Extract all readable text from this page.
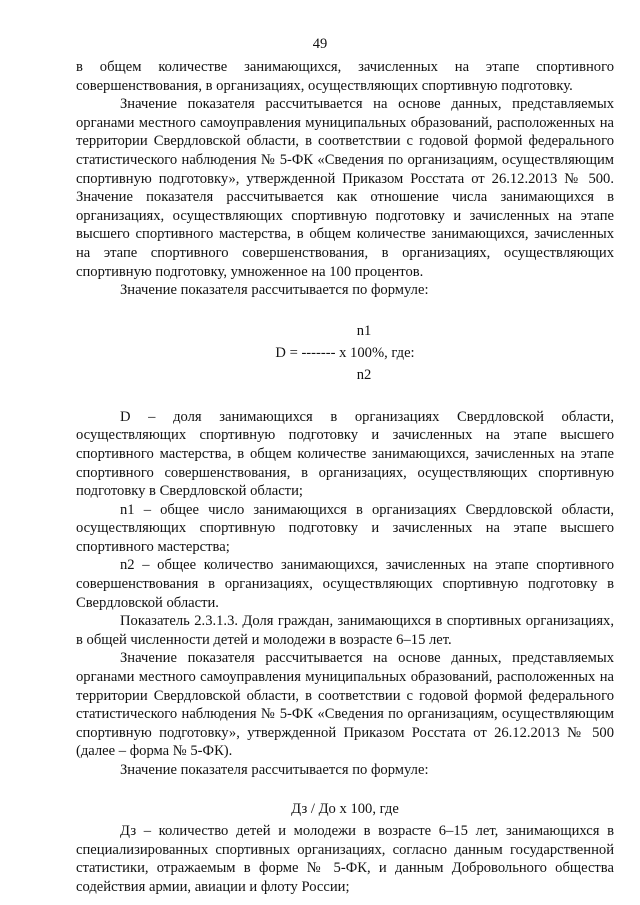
49

в общем количестве занимающихся, зачисленных на этапе спортивного совершенствования, в организациях, осуществляющих спортивную подготовку.

Значение показателя рассчитывается на основе данных, представляемых органами местного самоуправления муниципальных образований, расположенных на территории Свердловской области, в соответствии с годовой формой федерального статистического наблюдения № 5-ФК «Сведения по организациям, осуществляющим спортивную подготовку», утвержденной Приказом Росстата от 26.12.2013 № 500. Значение показателя рассчитывается как отношение числа занимающихся в организациях, осуществляющих спортивную подготовку и зачисленных на этапе высшего спортивного мастерства, в общем количестве занимающихся, зачисленных на этапе спортивного совершенствования, в организациях, осуществляющих спортивную подготовку, умноженное на 100 процентов.

Значение показателя рассчитывается по формуле:

n1
D = ------- x 100%, где:
n2

D – доля занимающихся в организациях Свердловской области, осуществляющих спортивную подготовку и зачисленных на этапе высшего спортивного мастерства, в общем количестве занимающихся, зачисленных на этапе спортивного совершенствования, в организациях, осуществляющих спортивную подготовку в Свердловской области;

n1 – общее число занимающихся в организациях Свердловской области, осуществляющих спортивную подготовку и зачисленных на этапе высшего спортивного мастерства;

n2 – общее количество занимающихся, зачисленных на этапе спортивного совершенствования в организациях, осуществляющих спортивную подготовку в Свердловской области.

Показатель 2.3.1.3. Доля граждан, занимающихся в спортивных организациях, в общей численности детей и молодежи в возрасте 6–15 лет.

Значение показателя рассчитывается на основе данных, представляемых органами местного самоуправления муниципальных образований, расположенных на территории Свердловской области, в соответствии с годовой формой федерального статистического наблюдения № 5-ФК «Сведения по организациям, осуществляющим спортивную подготовку», утвержденной Приказом Росстата от 26.12.2013 № 500 (далее – форма № 5-ФК).

Значение показателя рассчитывается по формуле:

Дз / До x 100, где

Дз – количество детей и молодежи в возрасте 6–15 лет, занимающихся в специализированных спортивных организациях, согласно данным государственной статистики, отражаемым в форме № 5-ФК, и данным Добровольного общества содействия армии, авиации и флоту России;
